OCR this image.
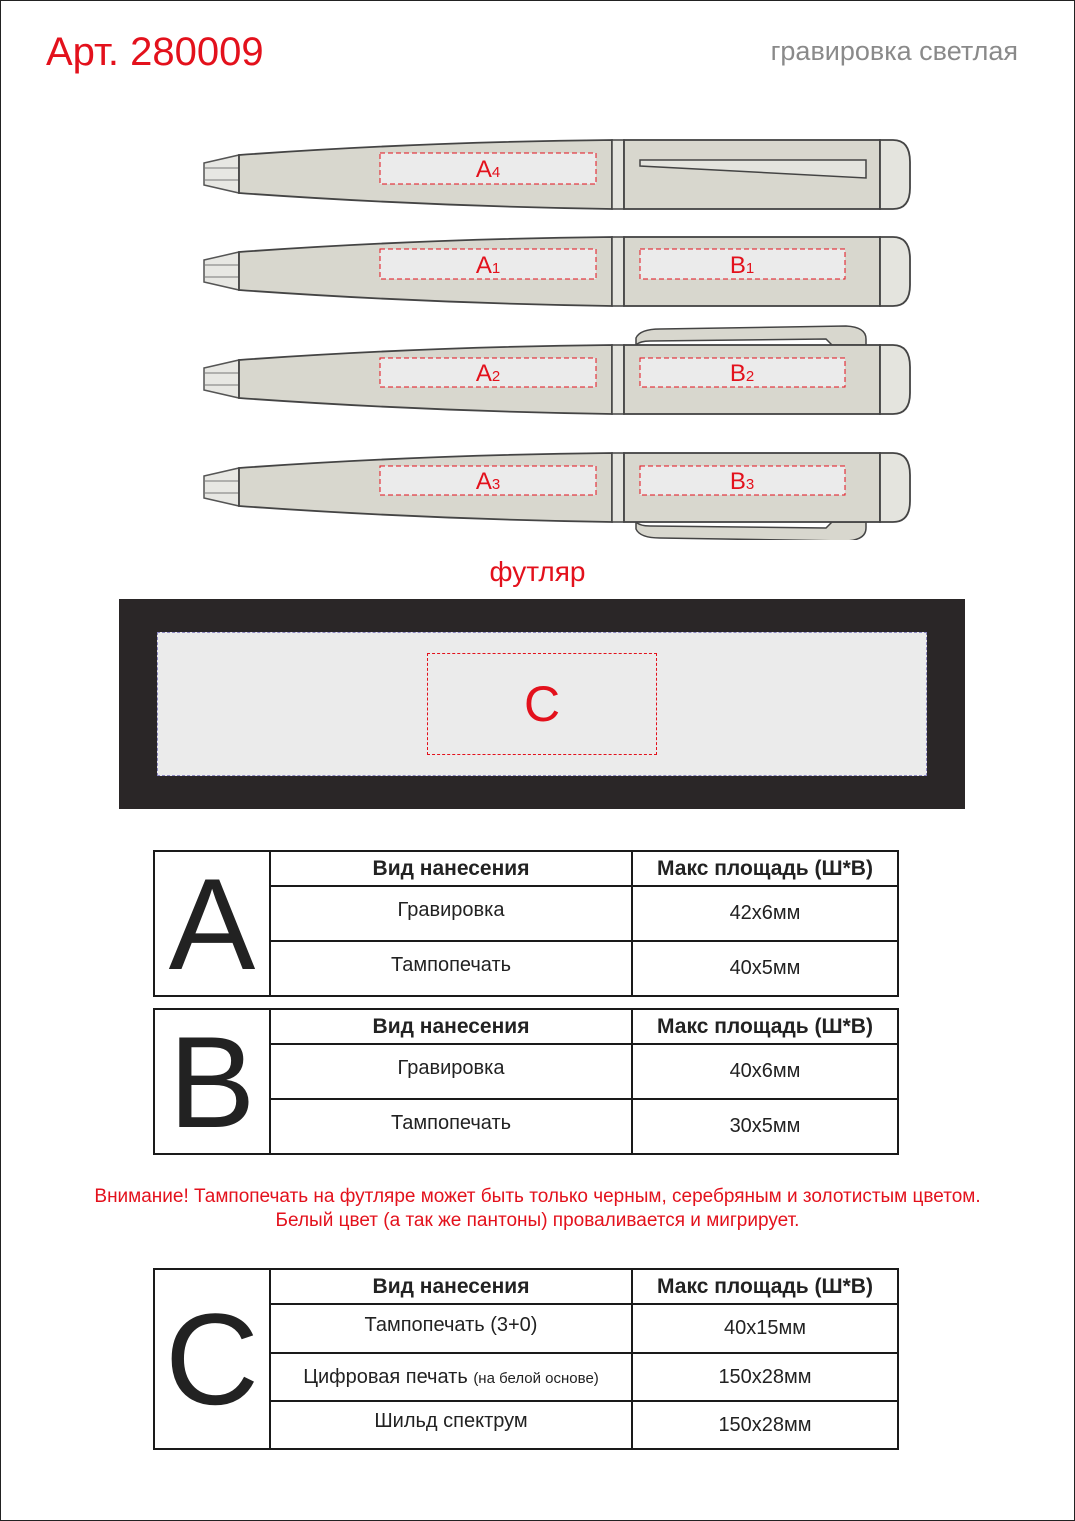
Арт. 280009	гравировка светлая
A4
A1	B1
A2	B2
A3	B3
футляр
C
A	Вид нанесения	Макс площадь (Ш*В)
	Гравировка	42х6мм
	Тампопечать	40х5мм
B	Вид нанесения	Макс площадь (Ш*В)
	Гравировка	40х6мм
	Тампопечать	30х5мм
Внимание! Тампопечать на футляре может быть только черным, серебряным и золотистым цветом.
Белый цвет (а так же пантоны) проваливается и мигрирует.
C	Вид нанесения	Макс площадь (Ш*В)
	Тампопечать (3+0)	40х15мм
	Цифровая печать (на белой основе)	150х28мм
	Шильд спектрум	150х28мм
